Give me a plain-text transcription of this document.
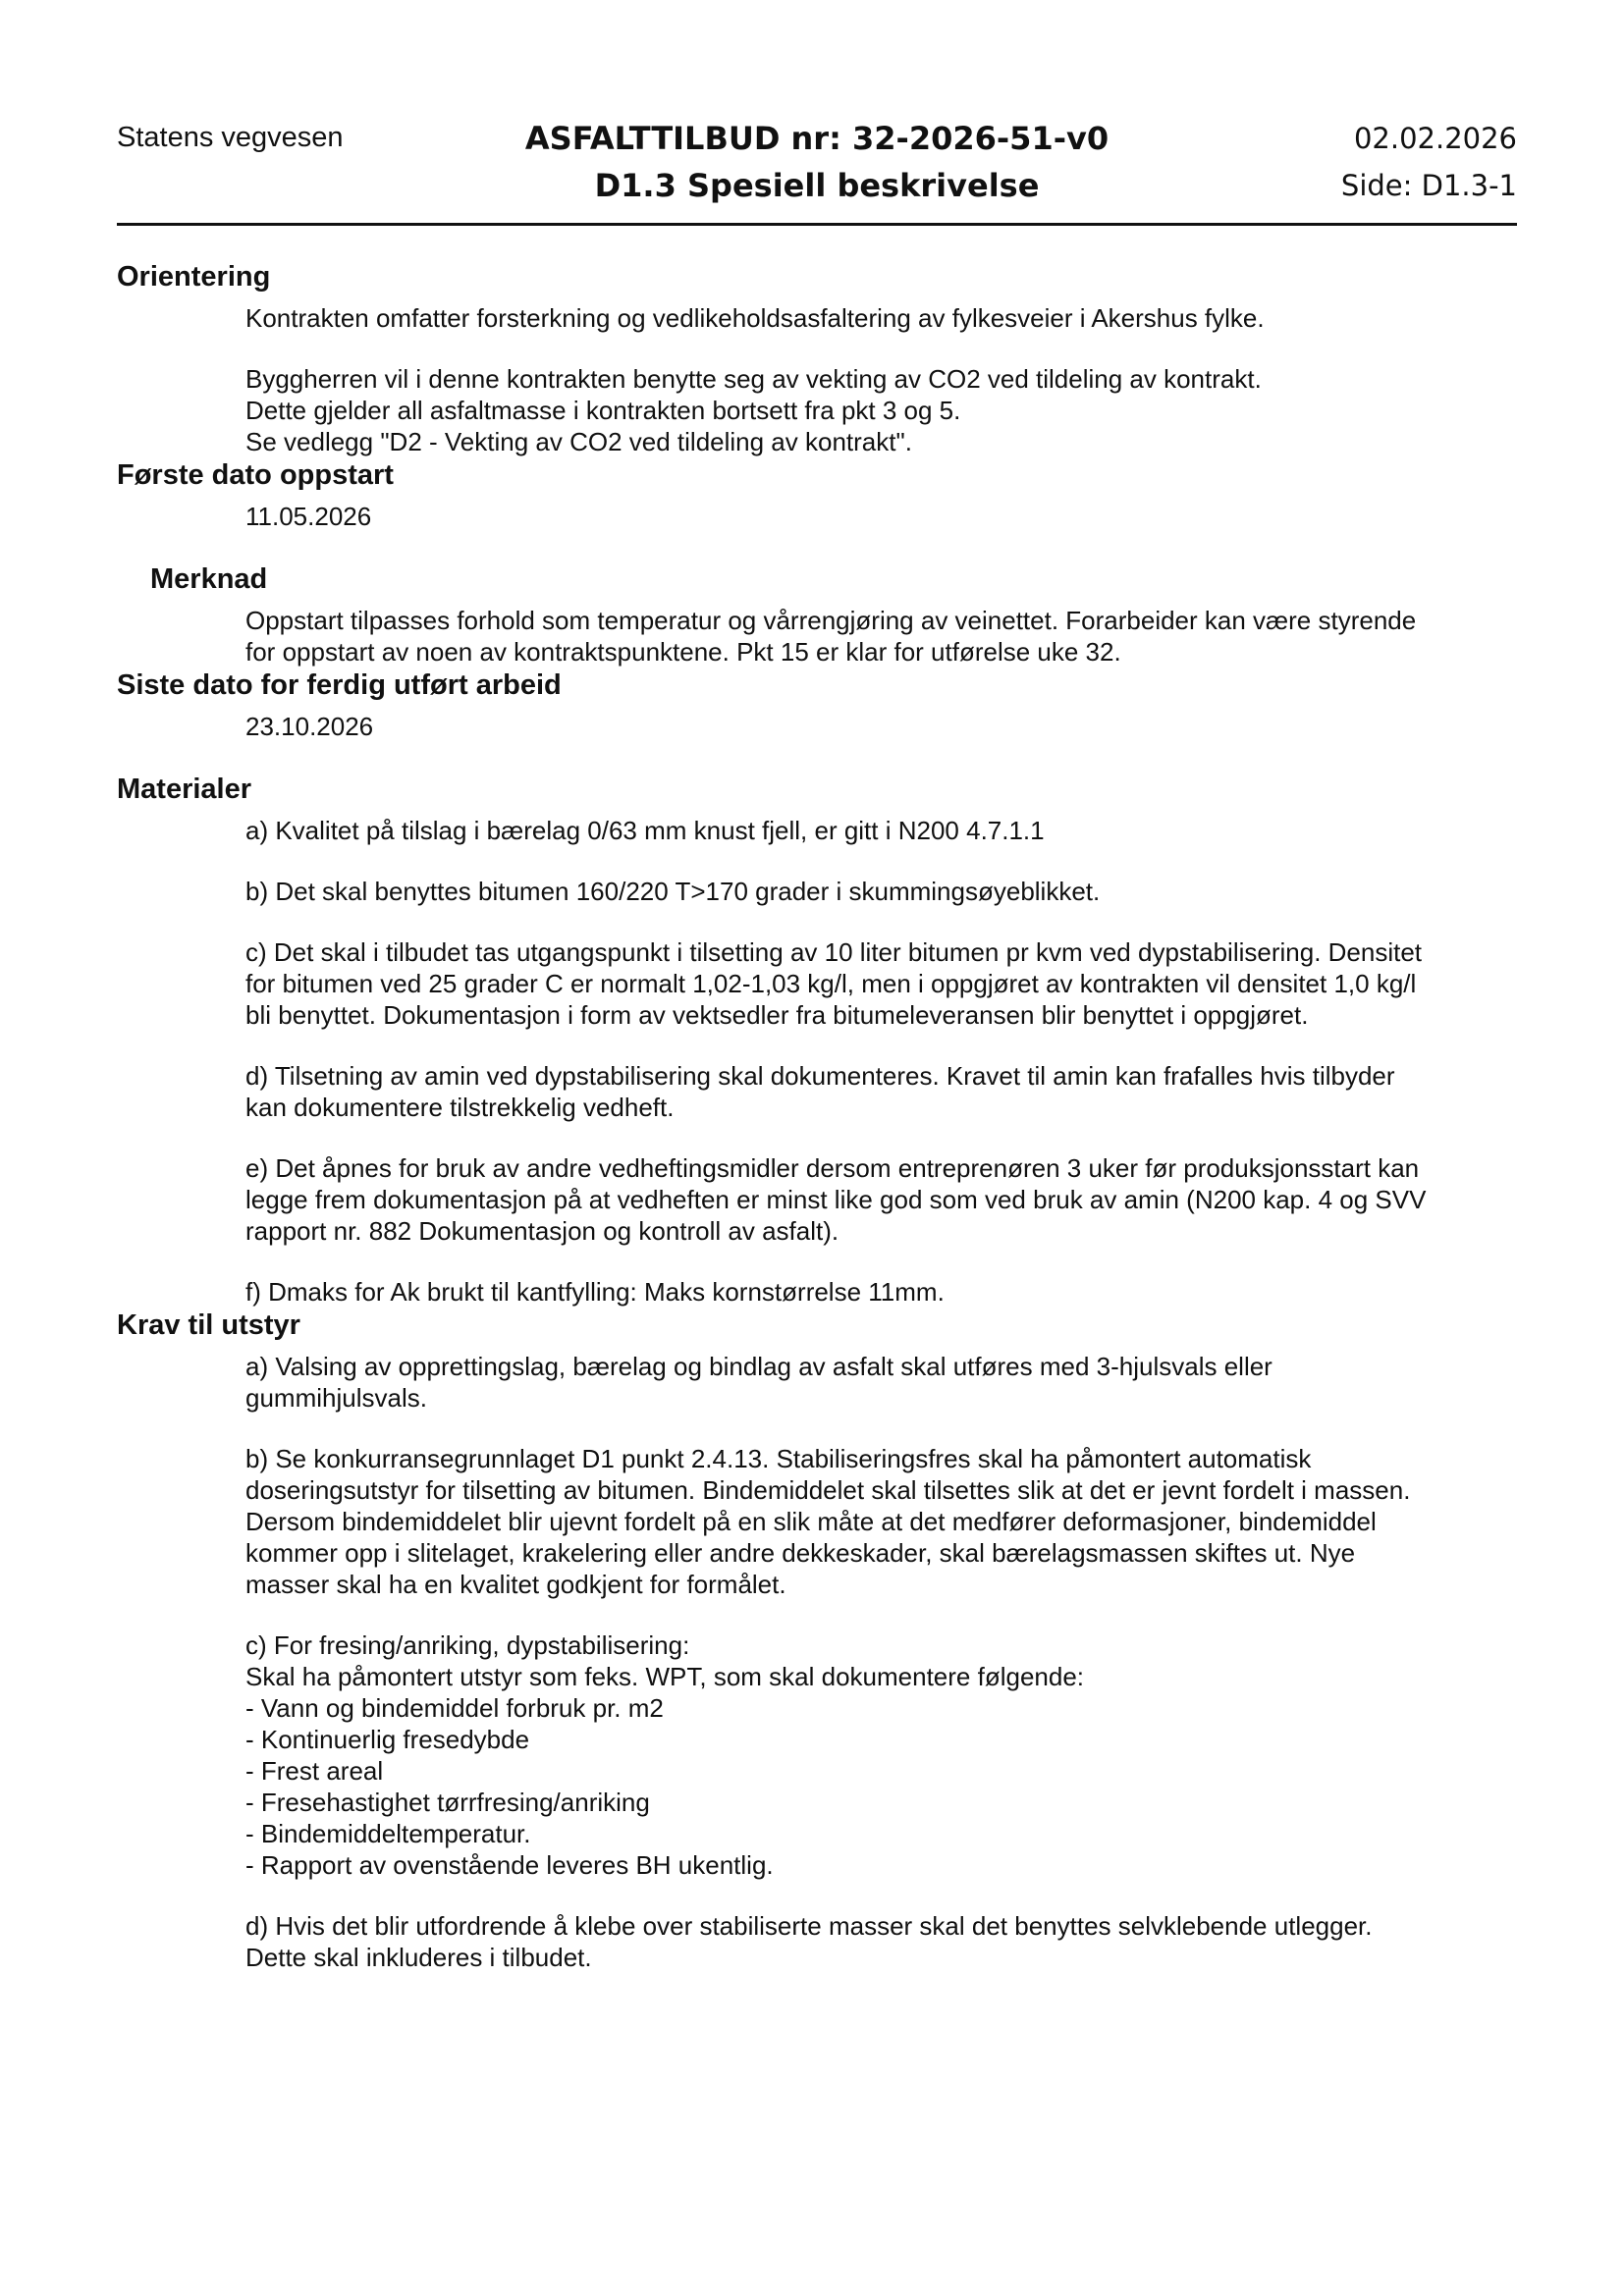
Statens vegvesen	ASFALTTILBUD nr: 32-2026-51-v0
D1.3 Spesiell beskrivelse
02.02.2026
Side: D1.3-1
Orientering
Kontrakten omfatter forsterkning og vedlikeholdsasfaltering av fylkesveier i Akershus fylke.
Byggherren vil i denne kontrakten benytte seg av vekting av CO2 ved tildeling av kontrakt.
Dette gjelder all asfaltmasse i kontrakten bortsett fra pkt 3 og 5.
Se vedlegg "D2 - Vekting av CO2 ved tildeling av kontrakt".
Første dato oppstart
11.05.2026
Merknad
Oppstart tilpasses forhold som temperatur og vårrengjøring av veinettet. Forarbeider kan være styrende
for oppstart av noen av kontraktspunktene. Pkt 15 er klar for utførelse uke 32.
Siste dato for ferdig utført arbeid
23.10.2026
Materialer
a) Kvalitet på tilslag i bærelag 0/63 mm knust fjell, er gitt i N200 4.7.1.1
b) Det skal benyttes bitumen 160/220 T>170 grader i skummingsøyeblikket.
c) Det skal i tilbudet tas utgangspunkt i tilsetting av 10 liter bitumen pr kvm ved dypstabilisering. Densitet
for bitumen ved 25 grader C er normalt 1,02-1,03 kg/l, men i oppgjøret av kontrakten vil densitet 1,0 kg/l
bli benyttet. Dokumentasjon i form av vektsedler fra bitumeleveransen blir benyttet i oppgjøret.
d) Tilsetning av amin ved dypstabilisering skal dokumenteres. Kravet til amin kan frafalles hvis tilbyder
kan dokumentere tilstrekkelig vedheft.
e) Det åpnes for bruk av andre vedheftingsmidler dersom entreprenøren 3 uker før produksjonsstart kan
legge frem dokumentasjon på at vedheften er minst like god som ved bruk av amin (N200 kap. 4 og SVV
rapport nr. 882 Dokumentasjon og kontroll av asfalt).
f) Dmaks for Ak brukt til kantfylling: Maks kornstørrelse 11mm.
Krav til utstyr
a) Valsing av opprettingslag, bærelag og bindlag av asfalt skal utføres med 3-hjulsvals eller
gummihjulsvals.
b) Se konkurransegrunnlaget D1 punkt 2.4.13. Stabiliseringsfres skal ha påmontert automatisk
doseringsutstyr for tilsetting av bitumen. Bindemiddelet skal tilsettes slik at det er jevnt fordelt i massen.
Dersom bindemiddelet blir ujevnt fordelt på en slik måte at det medfører deformasjoner, bindemiddel
kommer opp i slitelaget, krakelering eller andre dekkeskader, skal bærelagsmassen skiftes ut. Nye
masser skal ha en kvalitet godkjent for formålet.
c) For fresing/anriking, dypstabilisering:
Skal ha påmontert utstyr som feks. WPT, som skal dokumentere følgende:
- Vann og bindemiddel forbruk pr. m2
- Kontinuerlig fresedybde
- Frest areal
- Fresehastighet tørrfresing/anriking
- Bindemiddeltemperatur.
- Rapport av ovenstående leveres BH ukentlig.
d) Hvis det blir utfordrende å klebe over stabiliserte masser skal det benyttes selvklebende utlegger.
Dette skal inkluderes i tilbudet.
